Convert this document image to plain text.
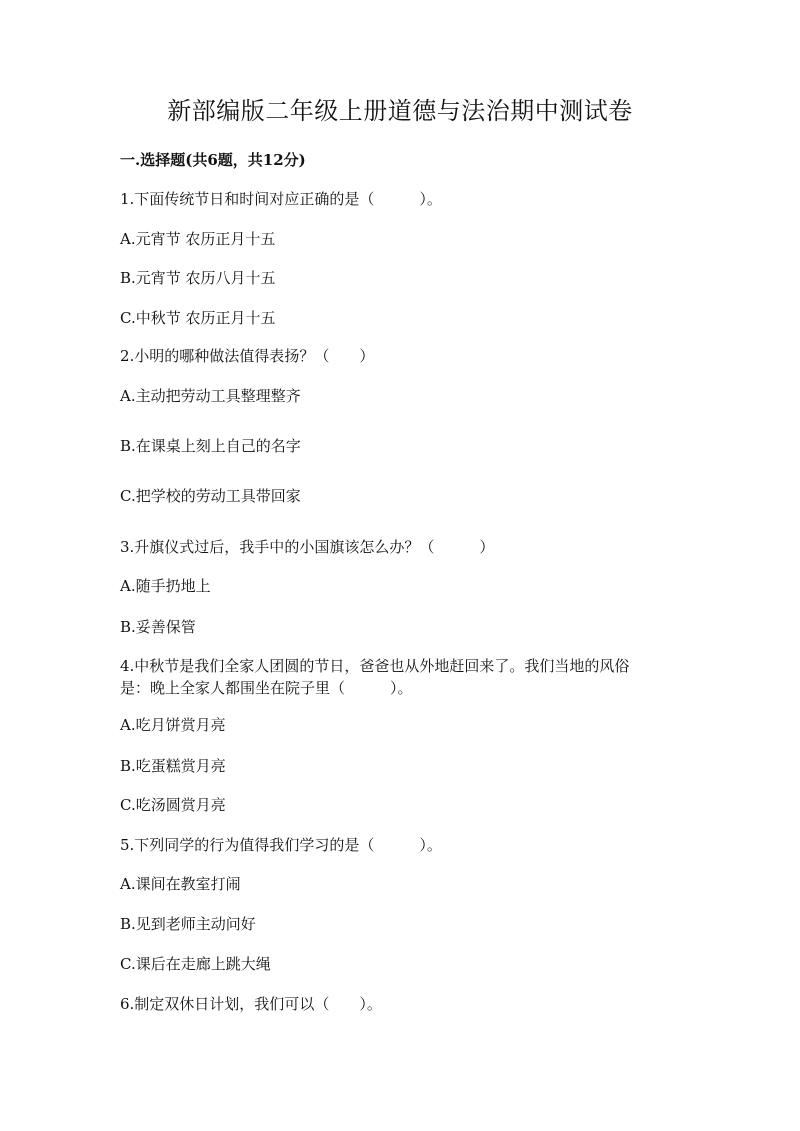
新部编版二年级上册道德与法治期中测试卷
一.选择题(共6题，共12分)
1.下面传统节日和时间对应正确的是（　　　）。
A.元宵节 农历正月十五
B.元宵节 农历八月十五
C.中秋节 农历正月十五
2.小明的哪种做法值得表扬？（　　）
A.主动把劳动工具整理整齐
B.在课桌上刻上自己的名字
C.把学校的劳动工具带回家
3.升旗仪式过后，我手中的小国旗该怎么办？（　　　）
A.随手扔地上
B.妥善保管
4.中秋节是我们全家人团圆的节日，爸爸也从外地赶回来了。我们当地的风俗
是：晚上全家人都围坐在院子里（　　　）。
A.吃月饼赏月亮
B.吃蛋糕赏月亮
C.吃汤圆赏月亮
5.下列同学的行为值得我们学习的是（　　　）。
A.课间在教室打闹
B.见到老师主动问好
C.课后在走廊上跳大绳
6.制定双休日计划，我们可以（　　）。
